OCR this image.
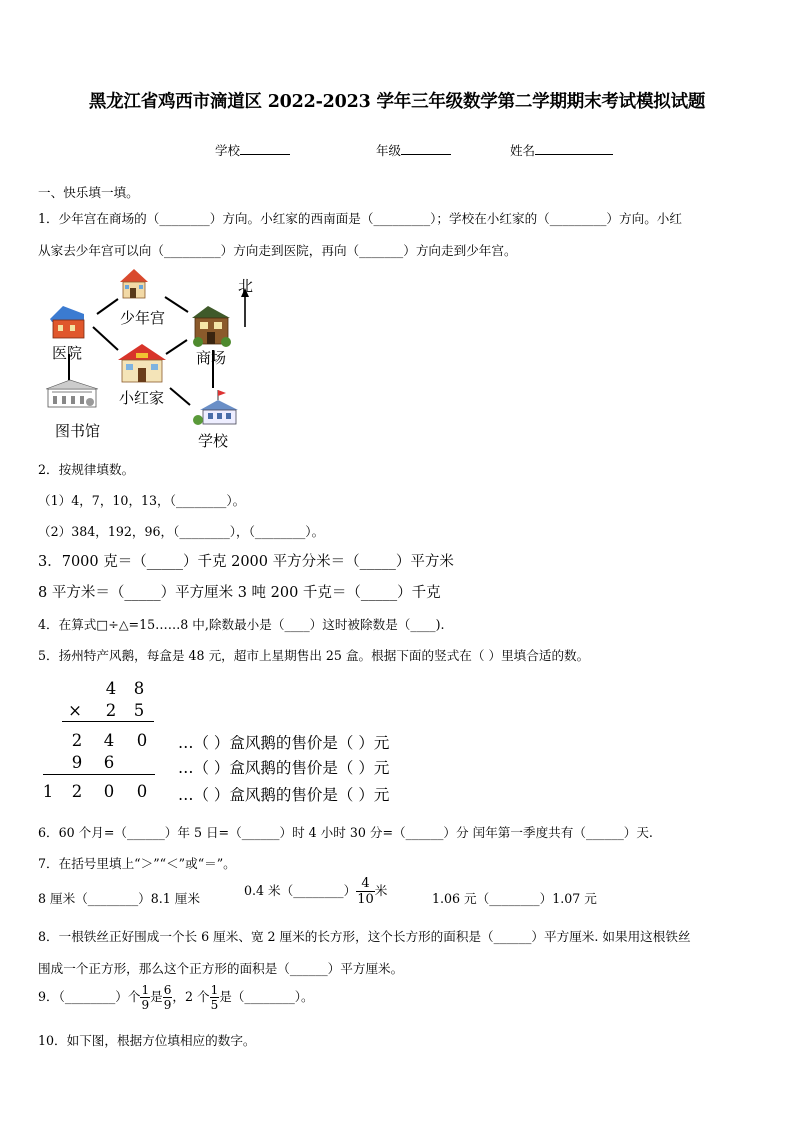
黑龙江省鸡西市滴道区 2022-2023 学年三年级数学第二学期期末考试模拟试题
学校	年级	姓名
一、快乐填一填。
1．少年宫在商场的（________）方向。小红家的西南面是（_________）；学校在小红家的（_________）方向。小红
从家去少年宫可以向（_________）方向走到医院，再向（_______）方向走到少年宫。
少年宫
医院	商场
小红家
图书馆
学校
北
2．按规律填数。
（1）4，7，10，13，（________）。
（2）384，192，96，（________），（________）。
3．7000 克＝（_____）千克 2000 平方分米＝（_____）平方米
8 平方米＝（_____）平方厘米 3 吨 200 千克＝（_____）千克
4．在算式□÷△=15……8 中,除数最小是（____）这时被除数是（____).
5．扬州特产风鹅，每盒是 48 元，超市上星期售出 25 盒。根据下面的竖式在（ ）里填合适的数。
4 8
× 2 5
2 4 0
9 6
1 2 0 0
…（ ）盒风鹅的售价是（ ）元
…（ ）盒风鹅的售价是（ ）元
…（ ）盒风鹅的售价是（ ）元
6．60 个月=（______）年 5 日=（______）时 4 小时 30 分=（______）分 闰年第一季度共有（______）天.
7．在括号里填上“＞”“＜”或“＝”。
8 厘米（________）8.1 厘米
0.4 米（________） $\frac{4}{10}$ 米
1.06 元（________）1.07 元
8．一根铁丝正好围成一个长 6 厘米、宽 2 厘米的长方形，这个长方形的面积是（______）平方厘米. 如果用这根铁丝
围成一个正方形，那么这个正方形的面积是（______）平方厘米。
9．（________）个 $\frac{1}{9}$ 是 $\frac{6}{9}$ ，2 个 $\frac{1}{5}$ 是（________）。
10．如下图，根据方位填相应的数字。
